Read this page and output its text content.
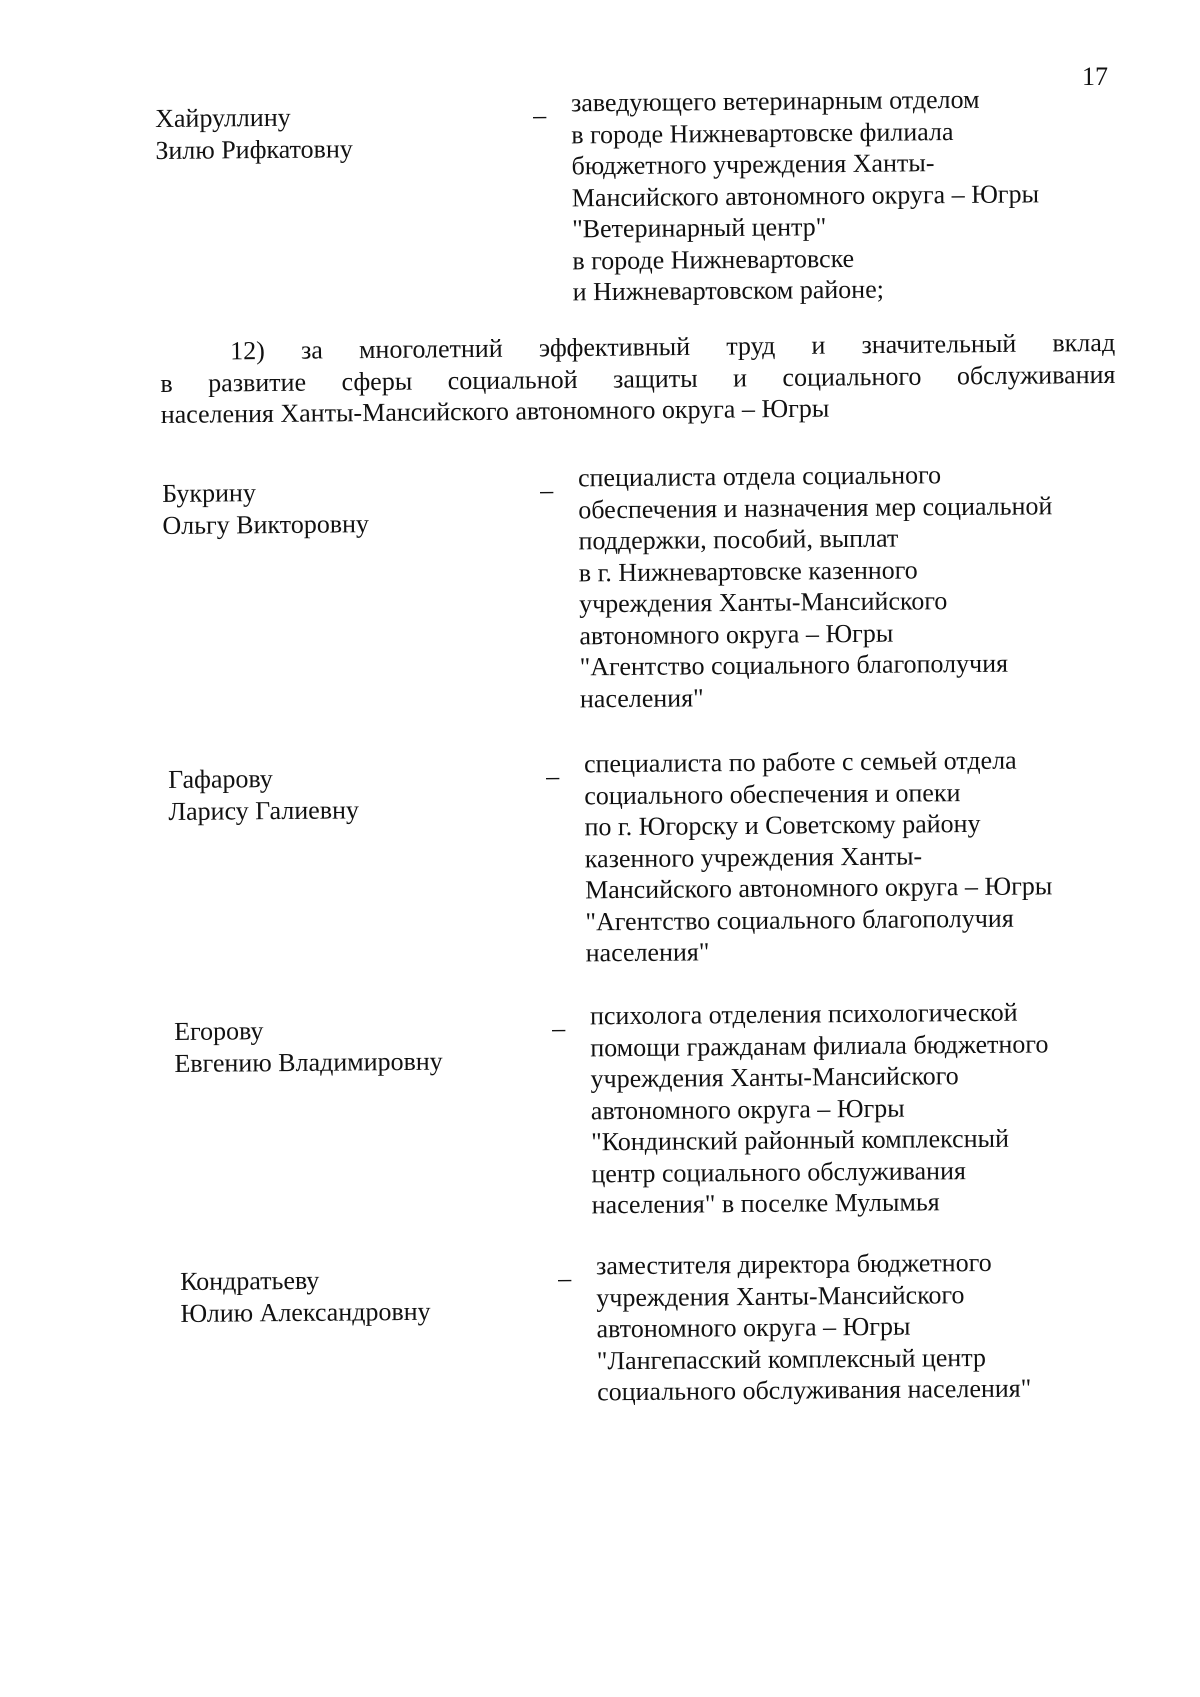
17
Хайруллину
Зилю Рифкатовну
– заведующего ветеринарным отделом
в городе Нижневартовске филиала
бюджетного учреждения Ханты-
Мансийского автономного округа – Югры
"Ветеринарный центр"
в городе Нижневартовске
и Нижневартовском районе;
12) за многолетний эффективный труд и значительный вклад
в развитие сферы социальной защиты и социального обслуживания
населения Ханты-Мансийского автономного округа – Югры
Букрину
Ольгу Викторовну
– специалиста отдела социального
обеспечения и назначения мер социальной
поддержки, пособий, выплат
в г. Нижневартовске казенного
учреждения Ханты-Мансийского
автономного округа – Югры
"Агентство социального благополучия
населения"
Гафарову
Ларису Галиевну
– специалиста по работе с семьей отдела
социального обеспечения и опеки
по г. Югорску и Советскому району
казенного учреждения Ханты-
Мансийского автономного округа – Югры
"Агентство социального благополучия
населения"
Егорову
Евгению Владимировну
– психолога отделения психологической
помощи гражданам филиала бюджетного
учреждения Ханты-Мансийского
автономного округа – Югры
"Кондинский районный комплексный
центр социального обслуживания
населения" в поселке Мулымья
Кондратьеву
Юлию Александровну
– заместителя директора бюджетного
учреждения Ханты-Мансийского
автономного округа – Югры
"Лангепасский комплексный центр
социального обслуживания населения"
